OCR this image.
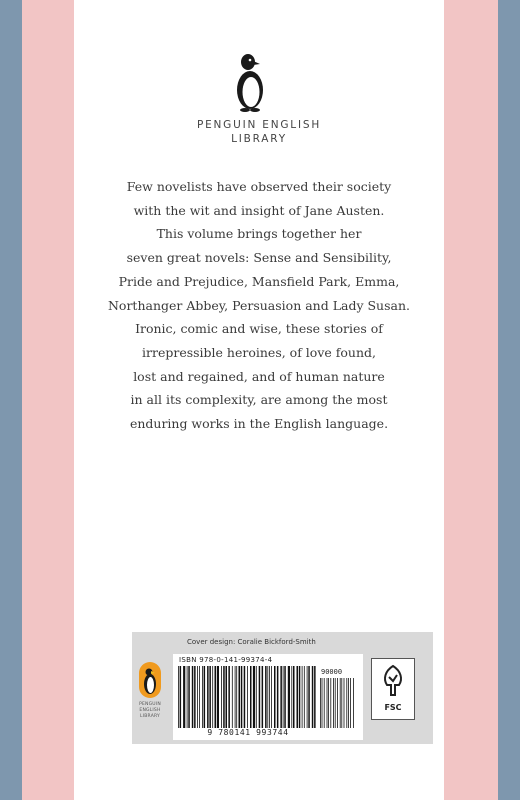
PENGUIN ENGLISH
LIBRARY
Few novelists have observed their society
with the wit and insight of Jane Austen.
This volume brings together her
seven great novels: Sense and Sensibility,
Pride and Prejudice, Mansfield Park, Emma,
Northanger Abbey, Persuasion and Lady Susan.
Ironic, comic and wise, these stories of
irrepressible heroines, of love found,
lost and regained, and of human nature
in all its complexity, are among the most
enduring works in the English language.
Cover design: Coralie Bickford-Smith
PENGUIN
ENGLISH
LIBRARY
ISBN 978-0-141-99374-4
90000
9 780141 993744
FSC
